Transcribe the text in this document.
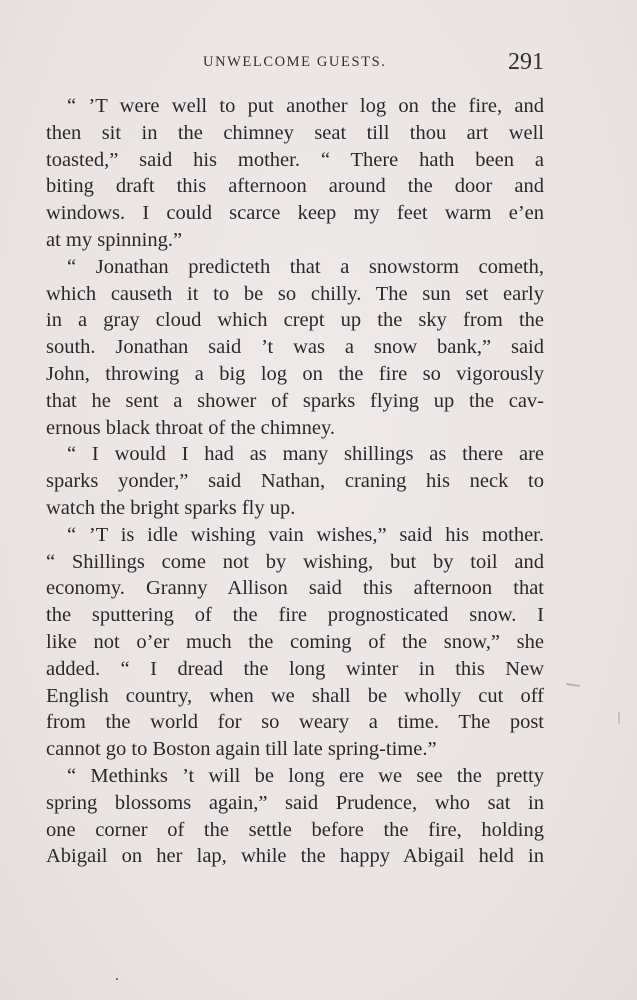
UNWELCOME GUESTS.	291
“ ’T were well to put another log on the fire, and
then sit in the chimney seat till thou art well
toasted,” said his mother. “ There hath been a
biting draft this afternoon around the door and
windows. I could scarce keep my feet warm e’en
at my spinning.”
“ Jonathan predicteth that a snowstorm cometh,
which causeth it to be so chilly. The sun set early
in a gray cloud which crept up the sky from the
south. Jonathan said ’t was a snow bank,” said
John, throwing a big log on the fire so vigorously
that he sent a shower of sparks flying up the cav-
ernous black throat of the chimney.
“ I would I had as many shillings as there are
sparks yonder,” said Nathan, craning his neck to
watch the bright sparks fly up.
“ ’T is idle wishing vain wishes,” said his mother.
“ Shillings come not by wishing, but by toil and
economy. Granny Allison said this afternoon that
the sputtering of the fire prognosticated snow. I
like not o’er much the coming of the snow,” she
added. “ I dread the long winter in this New
English country, when we shall be wholly cut off
from the world for so weary a time. The post
cannot go to Boston again till late spring-time.”
“ Methinks ’t will be long ere we see the pretty
spring blossoms again,” said Prudence, who sat in
one corner of the settle before the fire, holding
Abigail on her lap, while the happy Abigail held in
